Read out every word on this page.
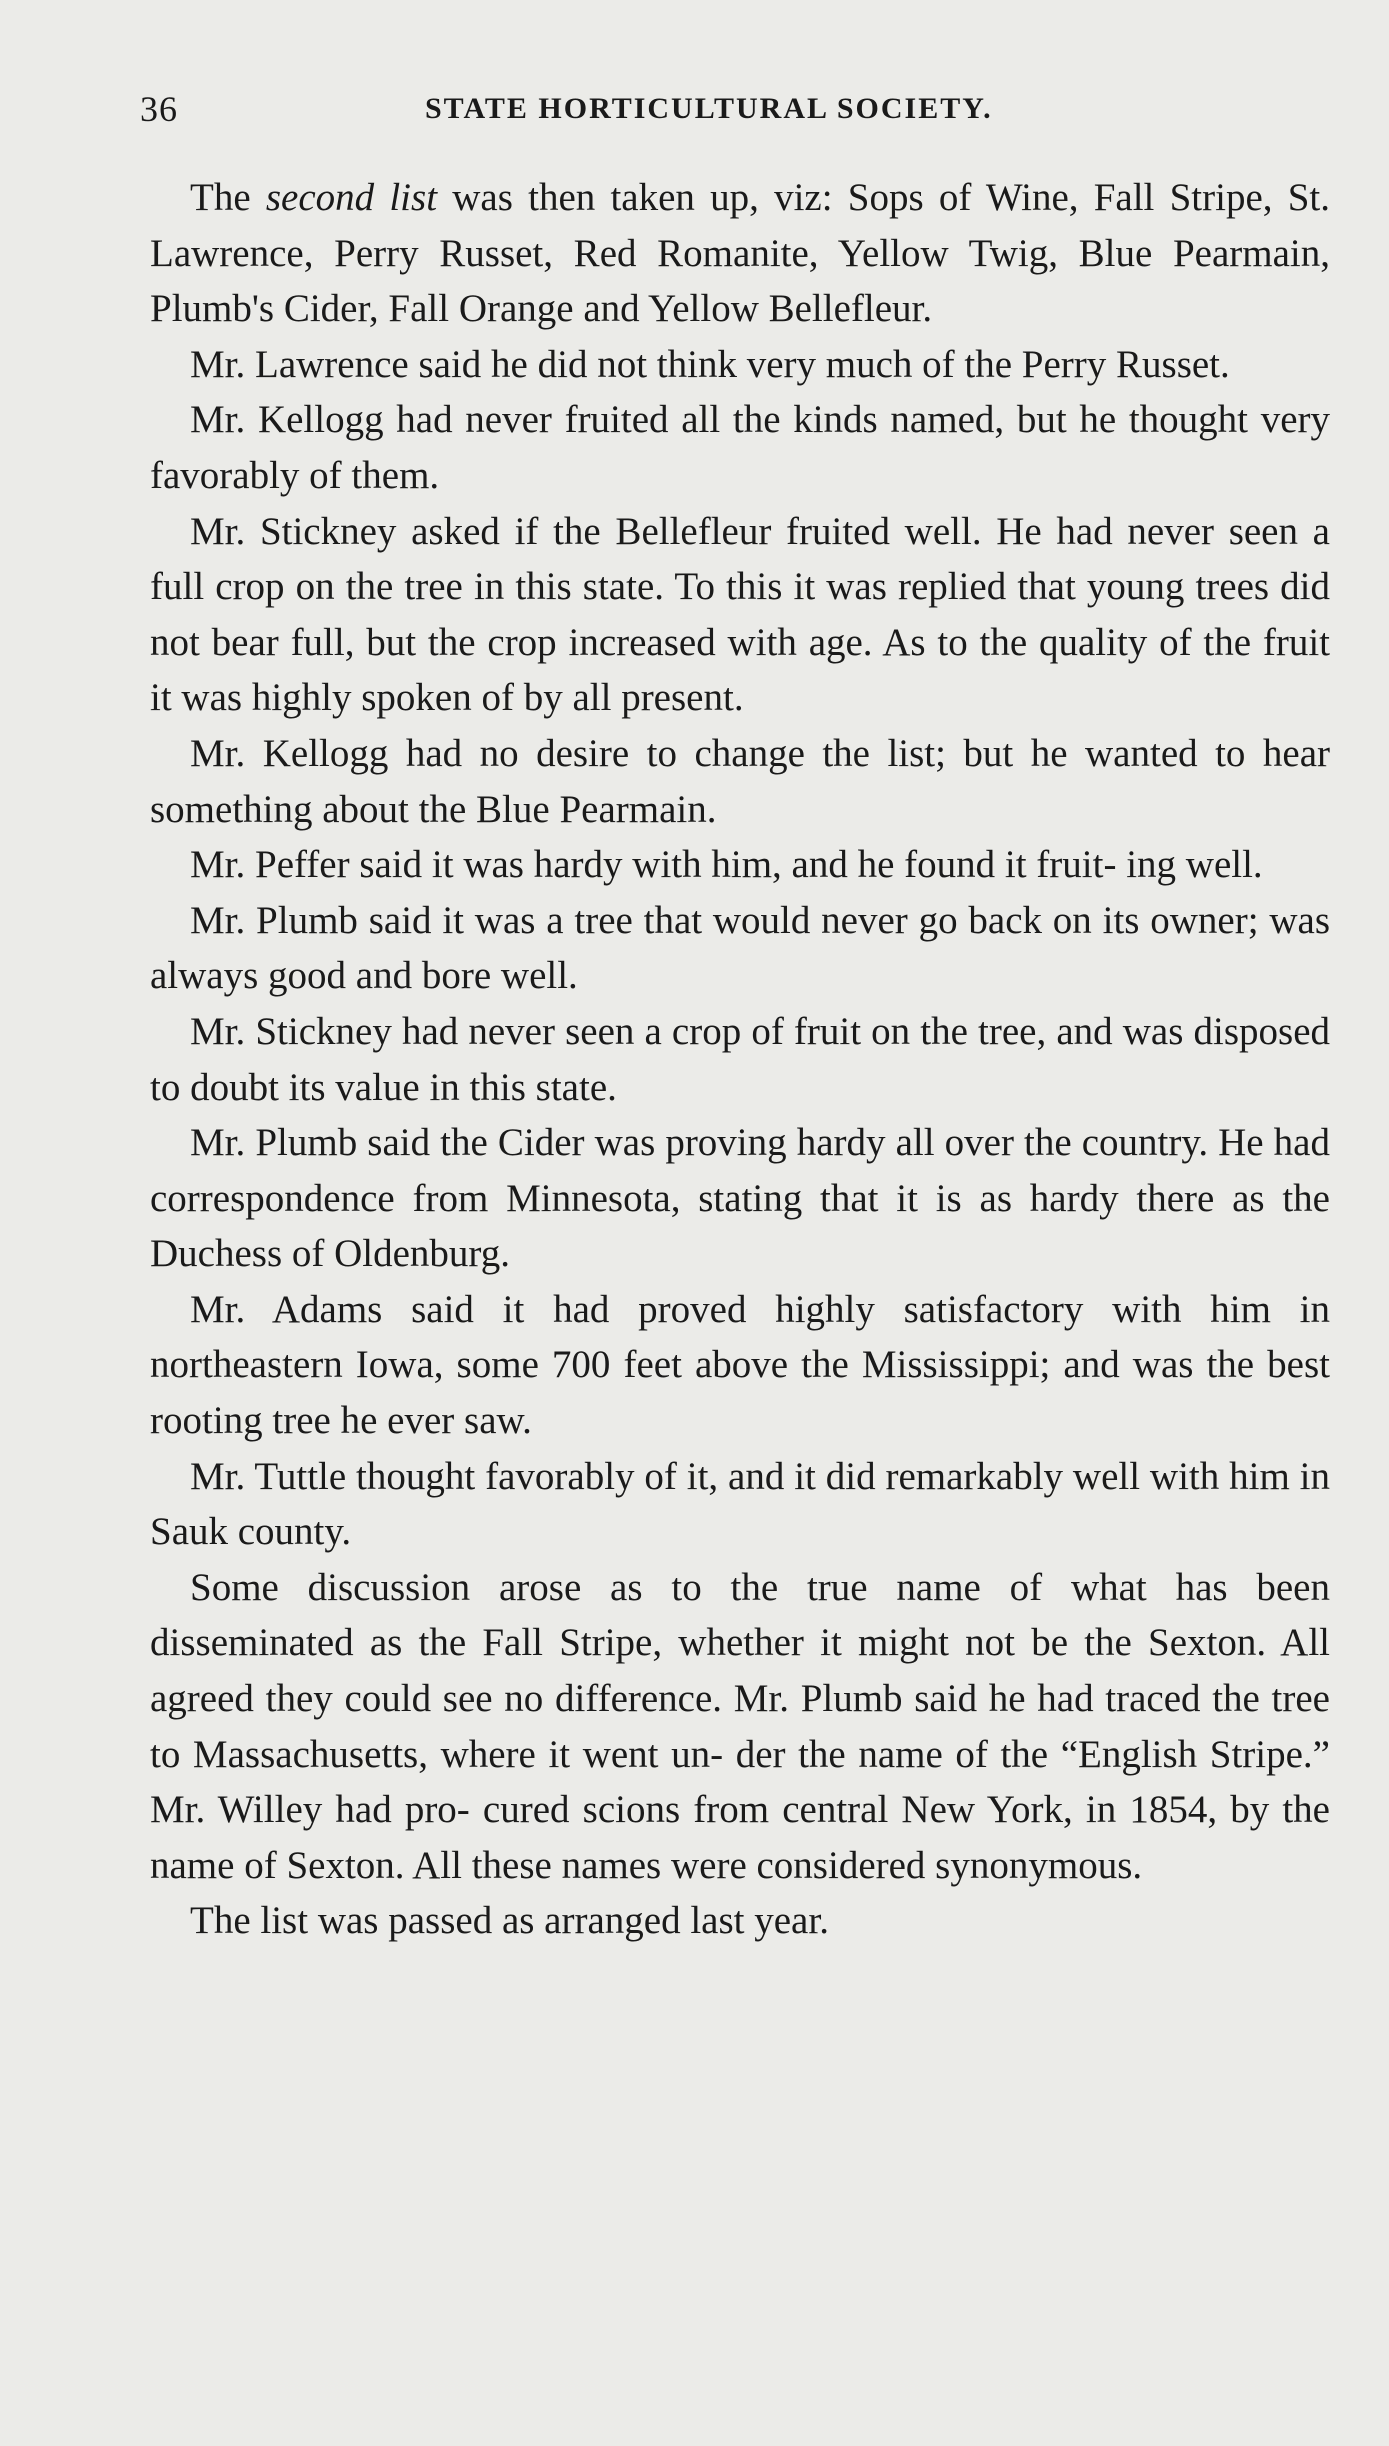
36	STATE HORTICULTURAL SOCIETY.

The second list was then taken up, viz: Sops of Wine, Fall Stripe, St. Lawrence, Perry Russet, Red Romanite, Yellow Twig, Blue Pearmain, Plumb's Cider, Fall Orange and Yellow Bellefleur.

Mr. Lawrence said he did not think very much of the Perry Russet.

Mr. Kellogg had never fruited all the kinds named, but he thought very favorably of them.

Mr. Stickney asked if the Bellefleur fruited well. He had never seen a full crop on the tree in this state. To this it was replied that young trees did not bear full, but the crop increased with age. As to the quality of the fruit it was highly spoken of by all present.

Mr. Kellogg had no desire to change the list; but he wanted to hear something about the Blue Pearmain.

Mr. Peffer said it was hardy with him, and he found it fruit- ing well.

Mr. Plumb said it was a tree that would never go back on its owner; was always good and bore well.

Mr. Stickney had never seen a crop of fruit on the tree, and was disposed to doubt its value in this state.

Mr. Plumb said the Cider was proving hardy all over the country. He had correspondence from Minnesota, stating that it is as hardy there as the Duchess of Oldenburg.

Mr. Adams said it had proved highly satisfactory with him in northeastern Iowa, some 700 feet above the Mississippi; and was the best rooting tree he ever saw.

Mr. Tuttle thought favorably of it, and it did remarkably well with him in Sauk county.

Some discussion arose as to the true name of what has been disseminated as the Fall Stripe, whether it might not be the Sexton. All agreed they could see no difference. Mr. Plumb said he had traced the tree to Massachusetts, where it went un- der the name of the “English Stripe.” Mr. Willey had pro- cured scions from central New York, in 1854, by the name of Sexton. All these names were considered synonymous.

The list was passed as arranged last year.
